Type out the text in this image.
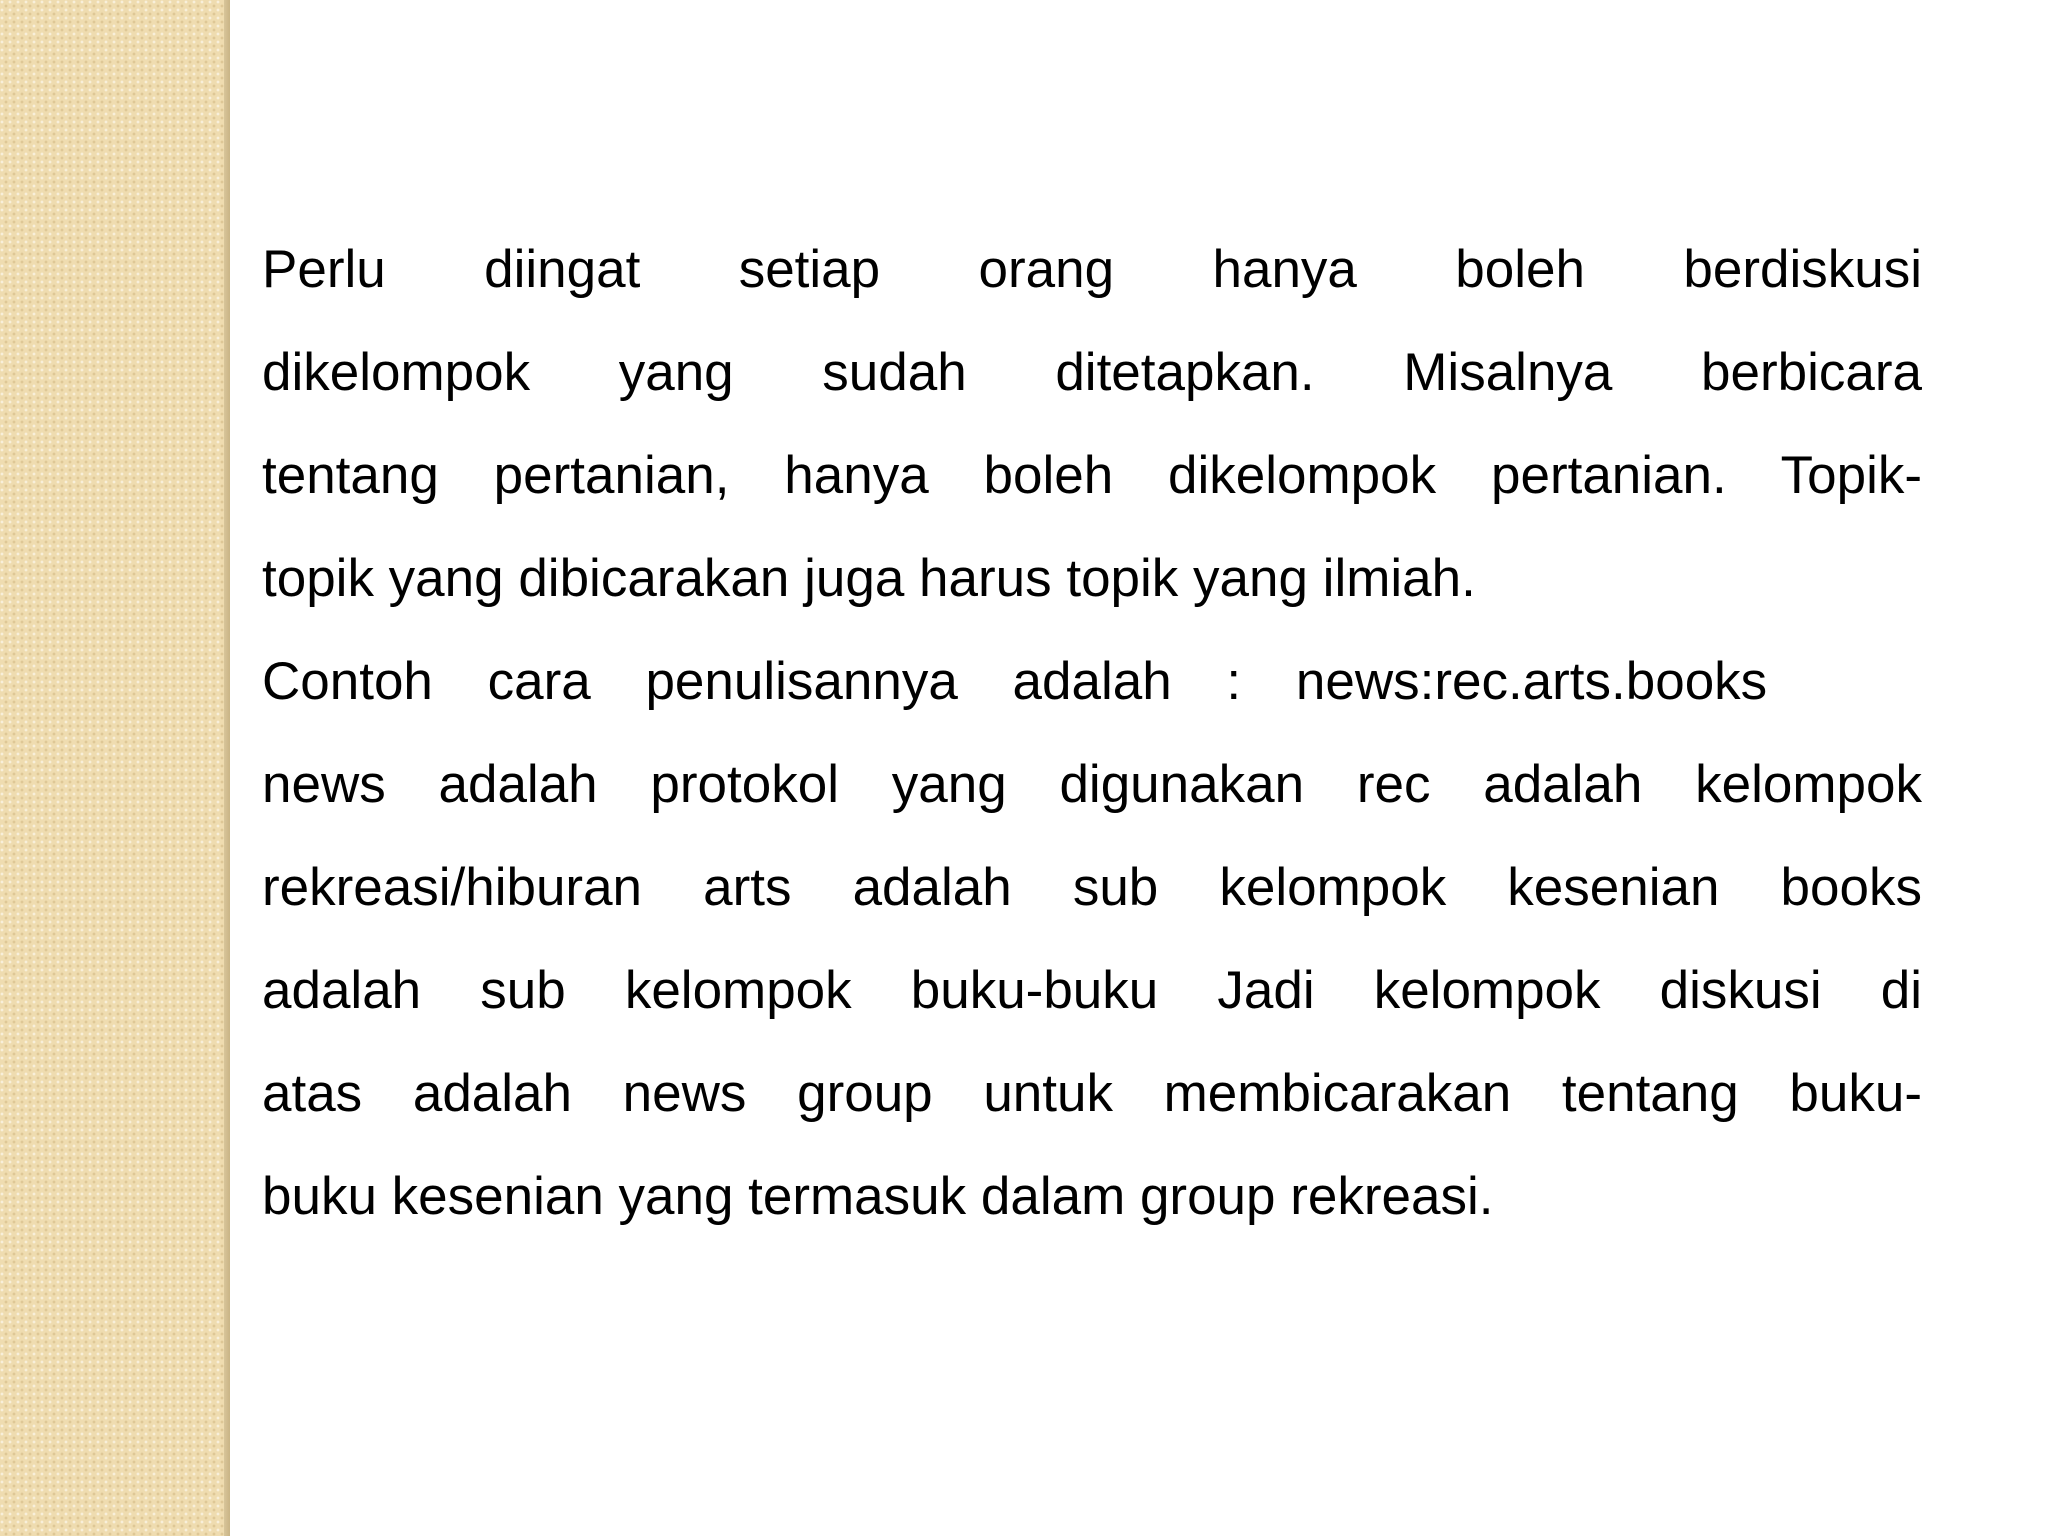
Perlu diingat setiap orang hanya boleh berdiskusi
dikelompok yang sudah ditetapkan. Misalnya berbicara
tentang pertanian, hanya boleh dikelompok pertanian. Topik-
topik yang dibicarakan juga harus topik yang ilmiah.
Contoh cara penulisannya adalah : news:rec.arts.books
news adalah protokol yang digunakan rec adalah kelompok
rekreasi/hiburan arts adalah sub kelompok kesenian books
adalah sub kelompok buku-buku Jadi kelompok diskusi di
atas adalah news group untuk membicarakan tentang buku-
buku kesenian yang termasuk dalam group rekreasi.
